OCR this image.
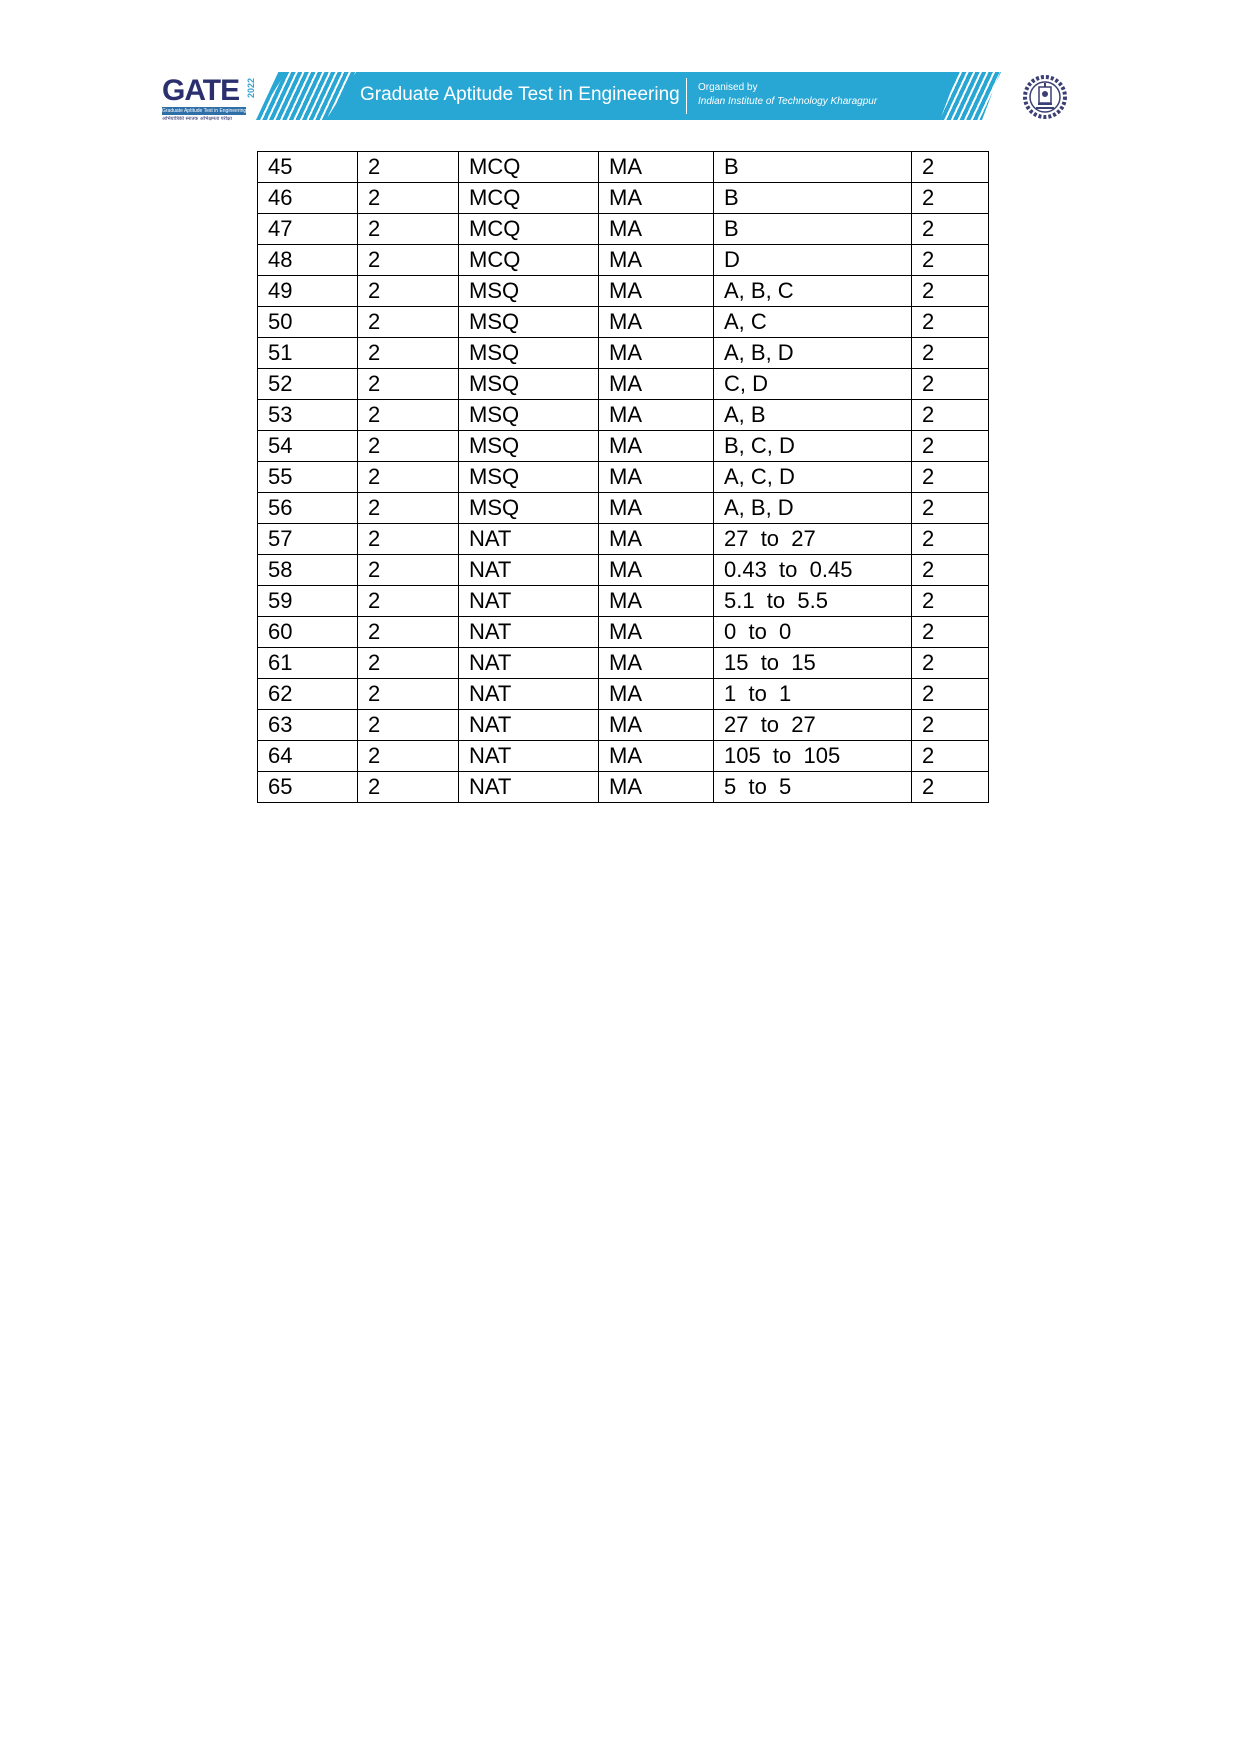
GATE 2022
Graduate Aptitude Test in Engineering
अभियांत्रिकी स्नातक अभिक्षमता परीक्षा
Graduate Aptitude Test in Engineering Organised by
Indian Institute of Technology Kharagpur
45	2	MCQ	MA	B	2
46	2	MCQ	MA	B	2
47	2	MCQ	MA	B	2
48	2	MCQ	MA	D	2
49	2	MSQ	MA	A, B, C	2
50	2	MSQ	MA	A, C	2
51	2	MSQ	MA	A, B, D	2
52	2	MSQ	MA	C, D	2
53	2	MSQ	MA	A, B	2
54	2	MSQ	MA	B, C, D	2
55	2	MSQ	MA	A, C, D	2
56	2	MSQ	MA	A, B, D	2
57	2	NAT	MA	27  to  27	2
58	2	NAT	MA	0.43  to  0.45	2
59	2	NAT	MA	5.1  to  5.5	2
60	2	NAT	MA	0  to  0	2
61	2	NAT	MA	15  to  15	2
62	2	NAT	MA	1  to  1	2
63	2	NAT	MA	27  to  27	2
64	2	NAT	MA	105  to  105	2
65	2	NAT	MA	5  to  5	2
